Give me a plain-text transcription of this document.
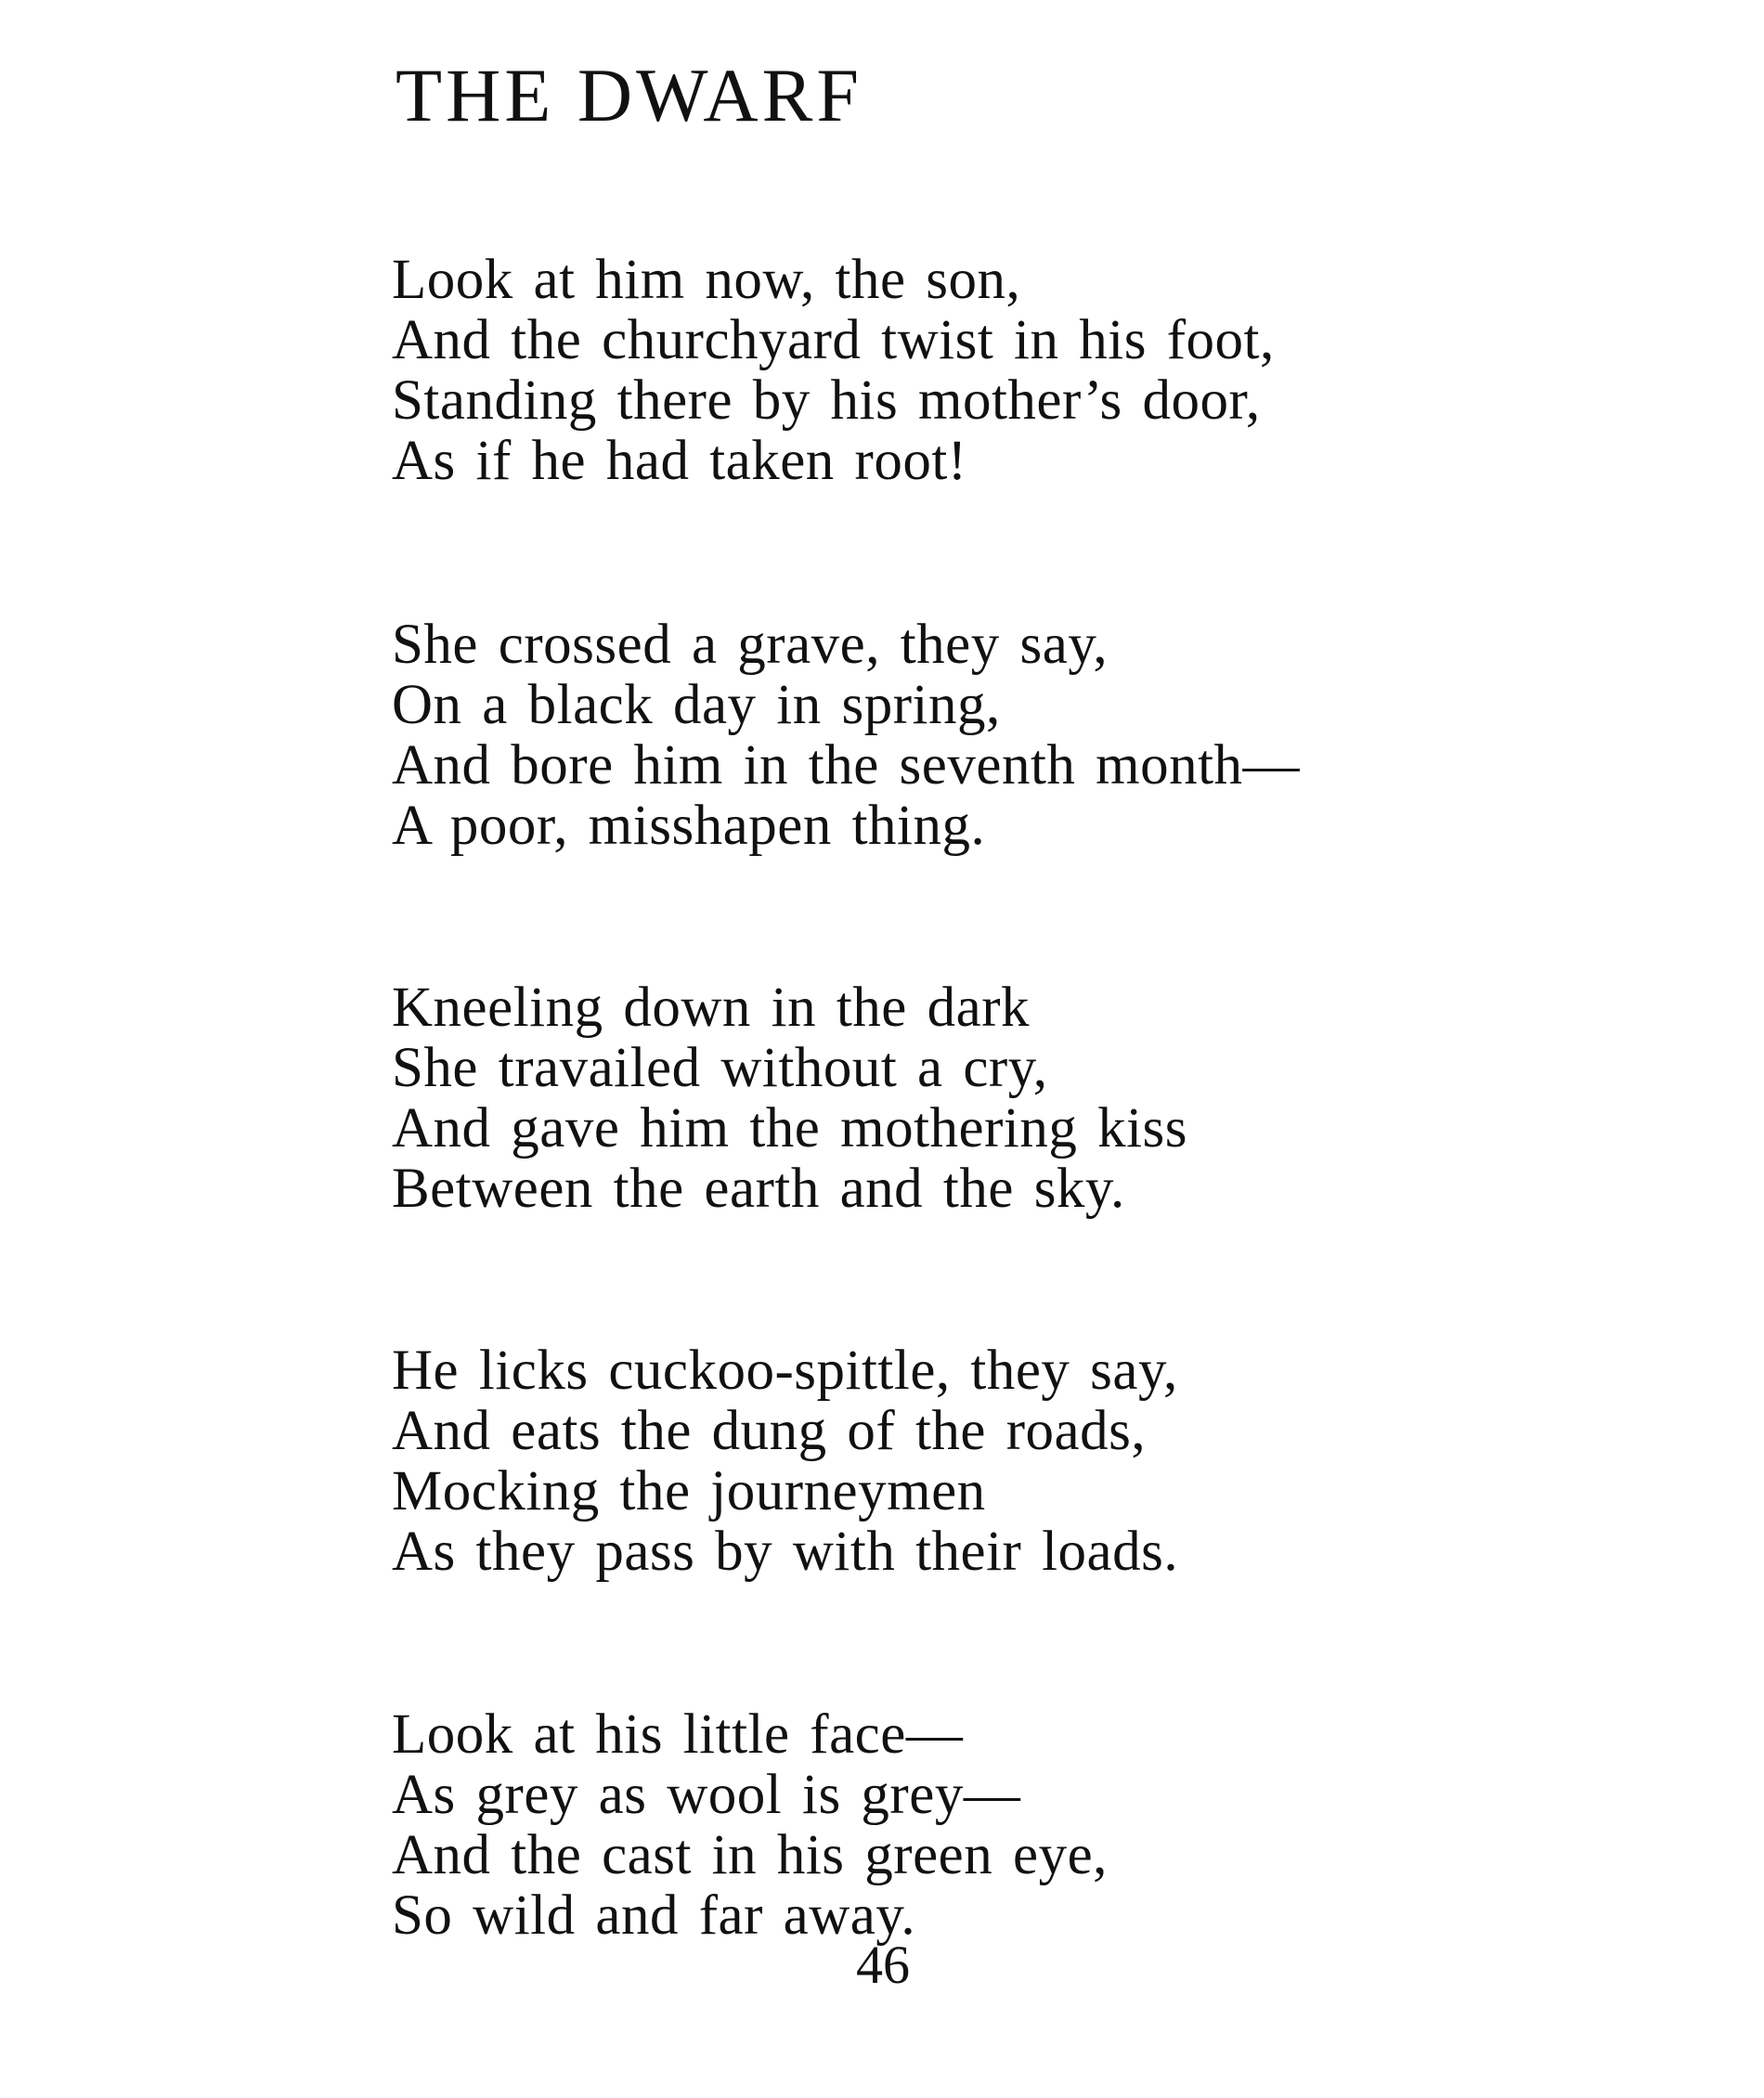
THE DWARF
Look at him now, the son,
And the churchyard twist in his foot,
Standing there by his mother’s door,
As if he had taken root!
She crossed a grave, they say,
On a black day in spring,
And bore him in the seventh month—
A poor, misshapen thing.
Kneeling down in the dark
She travailed without a cry,
And gave him the mothering kiss
Between the earth and the sky.
He licks cuckoo-spittle, they say,
And eats the dung of the roads,
Mocking the journeymen
As they pass by with their loads.
Look at his little face—
As grey as wool is grey—
And the cast in his green eye,
So wild and far away.
46
